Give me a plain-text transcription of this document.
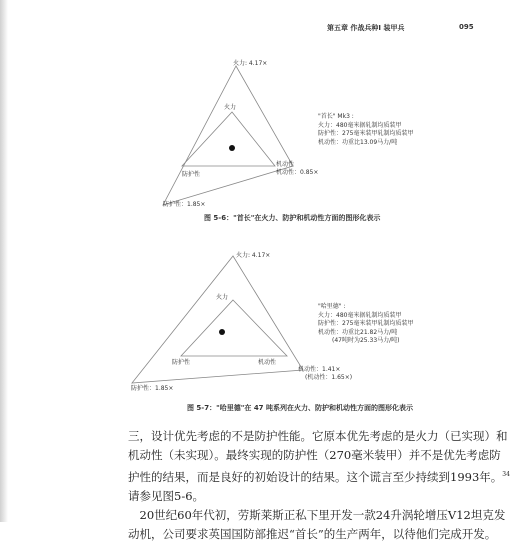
第五章 作战兵种Ⅰ 装甲兵	095
火力: 4.17×
火力
防护性
机动性
机动性：0.85×
防护性：1.85×
"首长" Mk3 :
火力：480毫米据轧制均质装甲
防护性：275毫米装甲轧制均质装甲
机动性：功重比13.09马力/吨
图 5-6："首长"在火力、防护和机动性方面的图形化表示
火力: 4.17×
火力
防护性	机动性
机动性：1.41×
(机动性：1.65×)
防护性：1.85×
"哈里德" :
火力：480毫米据轧制均质装甲
防护性：275毫米装甲轧制均质装甲
机动性：功重比21.82马力/吨
(47吨时为25.33马力/吨)
图 5-7："哈里德"在 47 吨系列在火力、防护和机动性方面的图形化表示
三，设计优先考虑的不是防护性能。它原本优先考虑的是火力（已实现）和
机动性（未实现）。最终实现的防护性（270毫米装甲）并不是优先考虑防
护性的结果，而是良好的初始设计的结果。这个谎言至少持续到1993年。$^{34}$
请参见图5-6。
　20世纪60年代初，劳斯莱斯正私下里开发一款24升涡轮增压V12坦克发
动机，公司要求英国国防部推迟“首长”的生产两年，以待他们完成开发。
